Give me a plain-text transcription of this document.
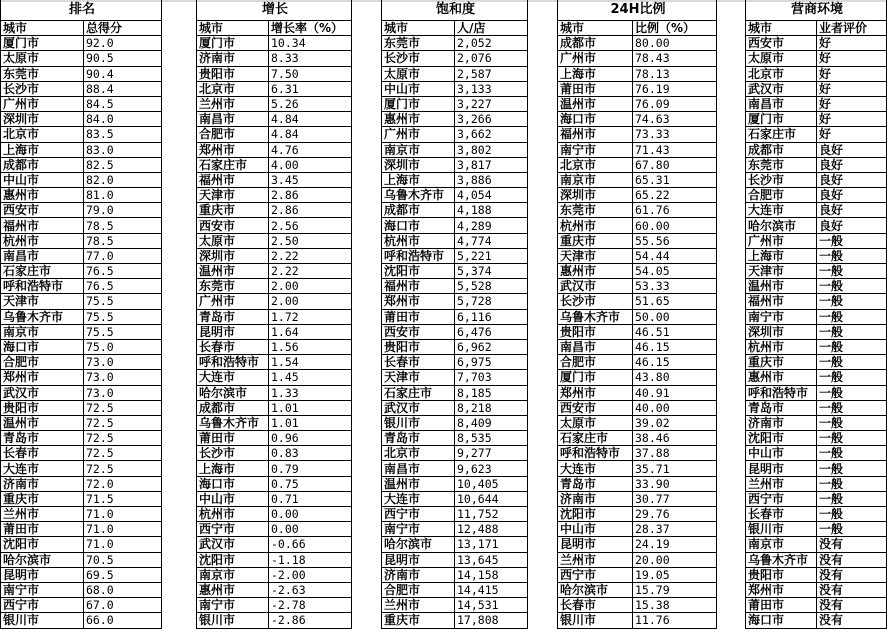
排名	
城市	总得分
厦门市	92.0
太原市	90.5
东莞市	90.4
长沙市	88.4
广州市	84.5
深圳市	84.0
北京市	83.5
上海市	83.0
成都市	82.5
中山市	82.0
惠州市	81.0
西安市	79.0
福州市	78.5
杭州市	78.5
南昌市	77.0
石家庄市	76.5
呼和浩特市	76.5
天津市	75.5
乌鲁木齐市	75.5
南京市	75.5
海口市	75.0
合肥市	73.0
郑州市	73.0
武汉市	73.0
贵阳市	72.5
温州市	72.5
青岛市	72.5
长春市	72.5
大连市	72.5
济南市	72.0
重庆市	71.5
兰州市	71.0
莆田市	71.0
沈阳市	71.0
哈尔滨市	70.5
昆明市	69.5
南宁市	68.0
西宁市	67.0
银川市	66.0
增长	
城市	增长率（%）
厦门市	10.34
济南市	8.33
贵阳市	7.50
北京市	6.31
兰州市	5.26
南昌市	4.84
合肥市	4.84
郑州市	4.76
石家庄市	4.00
福州市	3.45
天津市	2.86
重庆市	2.86
西安市	2.56
太原市	2.50
深圳市	2.22
温州市	2.22
东莞市	2.00
广州市	2.00
青岛市	1.72
昆明市	1.64
长春市	1.56
呼和浩特市	1.54
大连市	1.45
哈尔滨市	1.33
成都市	1.01
乌鲁木齐市	1.01
莆田市	0.96
长沙市	0.83
上海市	0.79
海口市	0.75
中山市	0.71
杭州市	0.00
西宁市	0.00
武汉市	-0.66
沈阳市	-1.18
南京市	-2.00
惠州市	-2.63
南宁市	-2.78
银川市	-2.86
饱和度	
城市	人/店
东莞市	2,052
长沙市	2,076
太原市	2,587
中山市	3,133
厦门市	3,227
惠州市	3,266
广州市	3,662
南京市	3,802
深圳市	3,817
上海市	3,886
乌鲁木齐市	4,054
成都市	4,188
海口市	4,289
杭州市	4,774
呼和浩特市	5,221
沈阳市	5,374
福州市	5,528
郑州市	5,728
莆田市	6,116
西安市	6,476
贵阳市	6,962
长春市	6,975
天津市	7,703
石家庄市	8,185
武汉市	8,218
银川市	8,409
青岛市	8,535
北京市	9,277
南昌市	9,623
温州市	10,405
大连市	10,644
西宁市	11,752
南宁市	12,488
哈尔滨市	13,171
昆明市	13,645
济南市	14,158
合肥市	14,415
兰州市	14,531
重庆市	17,808
24H比例	
城市	比例（%）
成都市	80.00
广州市	78.43
上海市	78.13
莆田市	76.19
温州市	76.09
海口市	74.63
福州市	73.33
南宁市	71.43
北京市	67.80
南京市	65.31
深圳市	65.22
东莞市	61.76
杭州市	60.00
重庆市	55.56
天津市	54.44
惠州市	54.05
武汉市	53.33
长沙市	51.65
乌鲁木齐市	50.00
贵阳市	46.51
南昌市	46.15
合肥市	46.15
厦门市	43.80
郑州市	40.91
西安市	40.00
太原市	39.02
石家庄市	38.46
呼和浩特市	37.88
大连市	35.71
青岛市	33.90
济南市	30.77
沈阳市	29.76
中山市	28.37
昆明市	24.19
兰州市	20.00
西宁市	19.05
哈尔滨市	15.79
长春市	15.38
银川市	11.76
营商环境	
城市	业者评价
西安市	好
太原市	好
北京市	好
武汉市	好
南昌市	好
厦门市	好
石家庄市	好
成都市	良好
东莞市	良好
长沙市	良好
合肥市	良好
大连市	良好
哈尔滨市	良好
广州市	一般
上海市	一般
天津市	一般
温州市	一般
福州市	一般
南宁市	一般
深圳市	一般
杭州市	一般
重庆市	一般
惠州市	一般
呼和浩特市	一般
青岛市	一般
济南市	一般
沈阳市	一般
中山市	一般
昆明市	一般
兰州市	一般
西宁市	一般
长春市	一般
银川市	一般
南京市	没有
乌鲁木齐市	没有
贵阳市	没有
郑州市	没有
莆田市	没有
海口市	没有
